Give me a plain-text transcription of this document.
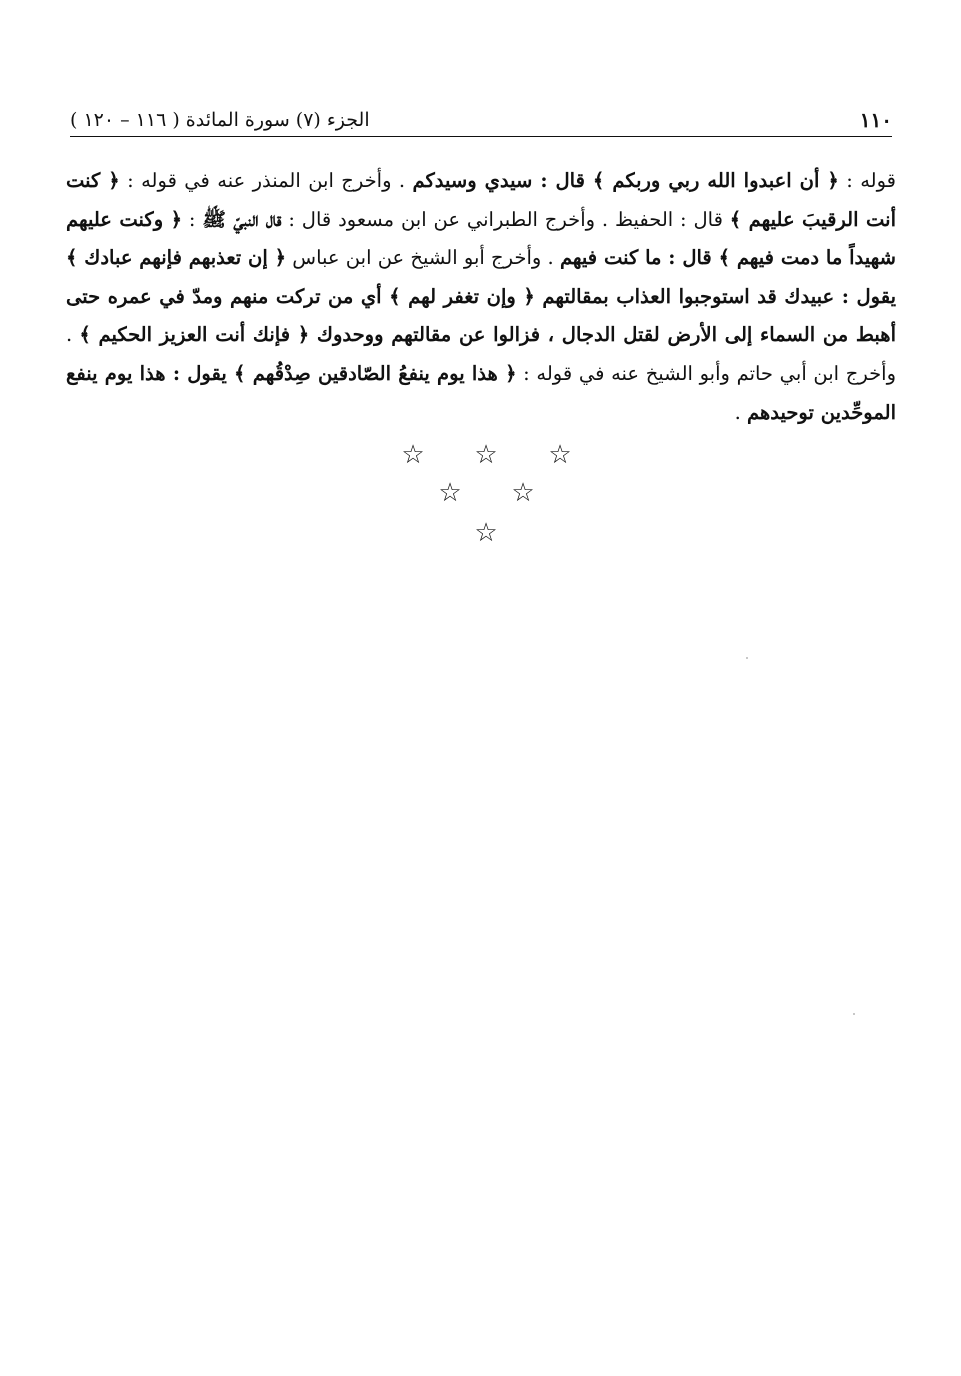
١١٠
الجزء (٧) سورة المائدة ( ١١٦ – ١٢٠ )
قوله : ﴿ أن اعبدوا الله ربي وربكم ﴾ قال : سيدي وسيدكم . وأخرج ابن المنذر عنه في قوله : ﴿ كنت أنت الرقيبَ عليهم ﴾ قال : الحفيظ . وأخرج الطبراني عن ابن مسعود قال : قال النبيّ ﷺ : ﴿ وكنت عليهم شهيداً ما دمت فيهم ﴾ قال : ما كنت فيهم . وأخرج أبو الشيخ عن ابن عباس ﴿ إن تعذبهم فإنهم عبادك ﴾ يقول : عبيدك قد استوجبوا العذاب بمقالتهم ﴿ وإن تغفر لهم ﴾ أي من تركت منهم ومدّ في عمره حتى أهبط من السماء إلى الأرض لقتل الدجال ، فزالوا عن مقالتهم ووحدوك ﴿ فإنك أنت العزيز الحكيم ﴾ . وأخرج ابن أبي حاتم وأبو الشيخ عنه في قوله : ﴿ هذا يوم ينفعُ الصّادقين صِدْقُهم ﴾ يقول : هذا يوم ينفع الموحِّدين توحيدهم .
☆ ☆ ☆
☆ ☆
☆
